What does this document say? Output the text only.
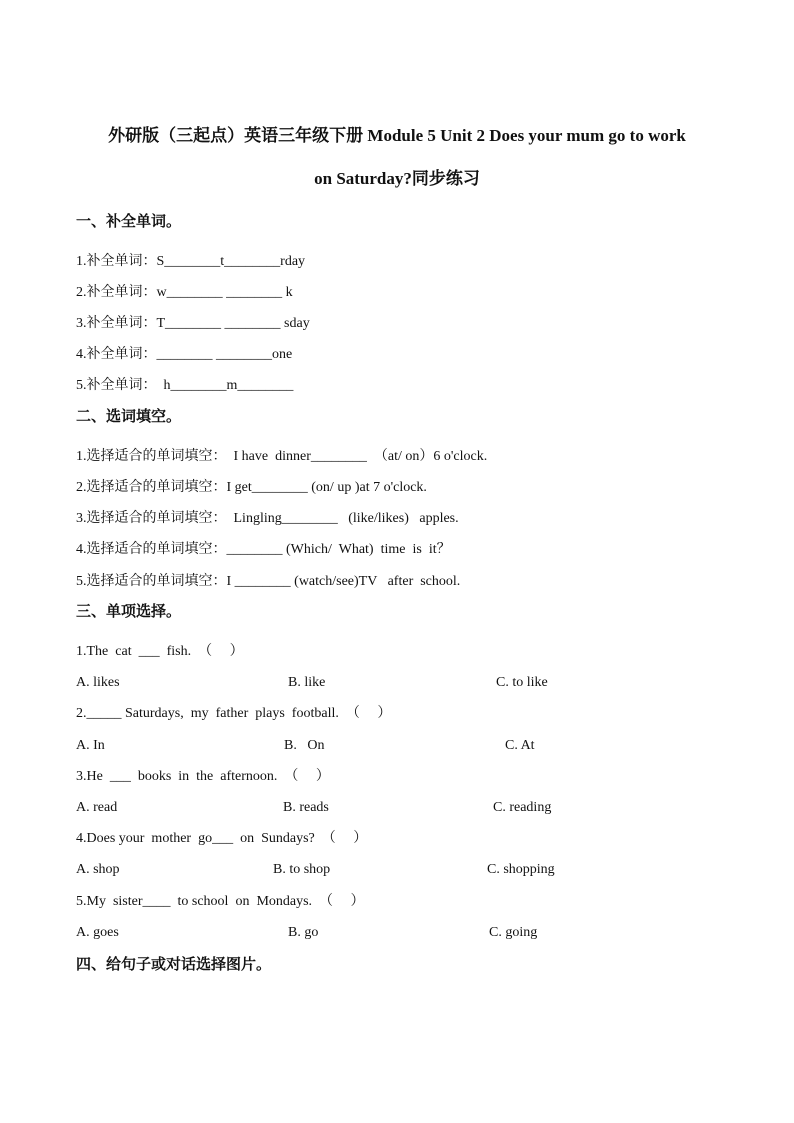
外研版（三起点）英语三年级下册 Module 5 Unit 2 Does your mum go to work
on Saturday?同步练习
一、补全单词。
1.补全单词：S________t________rday
2.补全单词：w________ ________ k
3.补全单词：T________ ________ sday
4.补全单词：________ ________one
5.补全单词：  h________m________
二、选词填空。
1.选择适合的单词填空：  I have  dinner________  （at/ on）6 o'clock.
2.选择适合的单词填空：I get________ (on/ up )at 7 o'clock.
3.选择适合的单词填空：  Lingling________   (like/likes)   apples.
4.选择适合的单词填空：________ (Which/  What)  time  is  it？
5.选择适合的单词填空：I ________ (watch/see)TV   after  school.
三、单项选择。
1.The  cat  ___  fish.  （     ）
A. likes	B. like	C. to like
2._____ Saturdays,  my  father  plays  football.  （     ）
A. In	B.   On	C. At
3.He  ___  books  in  the  afternoon.  （     ）
A. read	B. reads	C. reading
4.Does your  mother  go___  on  Sundays?  （     ）
A. shop	B. to shop	C. shopping
5.My  sister____  to school  on  Mondays.  （     ）
A. goes	B. go	C. going
四、给句子或对话选择图片。
